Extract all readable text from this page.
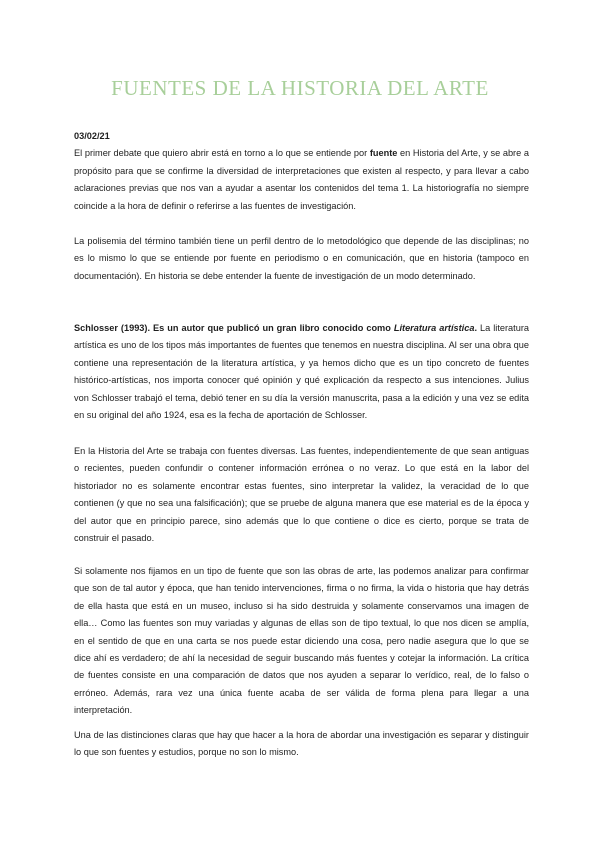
FUENTES DE LA HISTORIA DEL ARTE

03/02/21
El primer debate que quiero abrir está en torno a lo que se entiende por fuente en Historia del Arte, y se abre a propósito para que se confirme la diversidad de interpretaciones que existen al respecto, y para llevar a cabo aclaraciones previas que nos van a ayudar a asentar los contenidos del tema 1. La historiografía no siempre coincide a la hora de definir o referirse a las fuentes de investigación.

La polisemia del término también tiene un perfil dentro de lo metodológico que depende de las disciplinas; no es lo mismo lo que se entiende por fuente en periodismo o en comunicación, que en historia (tampoco en documentación). En historia se debe entender la fuente de investigación de un modo determinado.

Schlosser (1993). Es un autor que publicó un gran libro conocido como Literatura artística. La literatura artística es uno de los tipos más importantes de fuentes que tenemos en nuestra disciplina. Al ser una obra que contiene una representación de la literatura artística, y ya hemos dicho que es un tipo concreto de fuentes histórico-artísticas, nos importa conocer qué opinión y qué explicación da respecto a sus intenciones. Julius von Schlosser trabajó el tema, debió tener en su día la versión manuscrita, pasa a la edición y una vez se edita en su original del año 1924, esa es la fecha de aportación de Schlosser.

En la Historia del Arte se trabaja con fuentes diversas. Las fuentes, independientemente de que sean antiguas o recientes, pueden confundir o contener información errónea o no veraz. Lo que está en la labor del historiador no es solamente encontrar estas fuentes, sino interpretar la validez, la veracidad de lo que contienen (y que no sea una falsificación); que se pruebe de alguna manera que ese material es de la época y del autor que en principio parece, sino además que lo que contiene o dice es cierto, porque se trata de construir el pasado.

Si solamente nos fijamos en un tipo de fuente que son las obras de arte, las podemos analizar para confirmar que son de tal autor y época, que han tenido intervenciones, firma o no firma, la vida o historia que hay detrás de ella hasta que está en un museo, incluso si ha sido destruida y solamente conservamos una imagen de ella… Como las fuentes son muy variadas y algunas de ellas son de tipo textual, lo que nos dicen se amplía, en el sentido de que en una carta se nos puede estar diciendo una cosa, pero nadie asegura que lo que se dice ahí es verdadero; de ahí la necesidad de seguir buscando más fuentes y cotejar la información. La crítica de fuentes consiste en una comparación de datos que nos ayuden a separar lo verídico, real, de lo falso o erróneo. Además, rara vez una única fuente acaba de ser válida de forma plena para llegar a una interpretación.

Una de las distinciones claras que hay que hacer a la hora de abordar una investigación es separar y distinguir lo que son fuentes y estudios, porque no son lo mismo.
